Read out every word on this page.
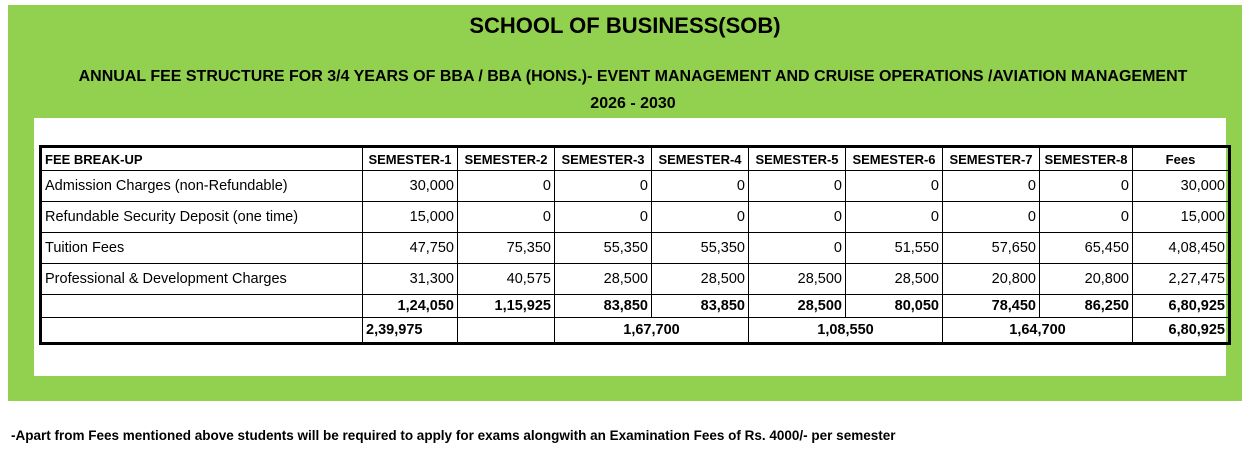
SCHOOL OF BUSINESS(SOB)
ANNUAL FEE STRUCTURE FOR 3/4 YEARS OF BBA / BBA (HONS.)- EVENT MANAGEMENT AND CRUISE OPERATIONS /AVIATION MANAGEMENT 2026 - 2030
FEE BREAK-UP	SEMESTER-1	SEMESTER-2	SEMESTER-3	SEMESTER-4	SEMESTER-5	SEMESTER-6	SEMESTER-7	SEMESTER-8	Fees
Admission Charges (non-Refundable)	30,000	0	0	0	0	0	0	0	30,000
Refundable Security Deposit (one time)	15,000	0	0	0	0	0	0	0	15,000
Tuition Fees	47,750	75,350	55,350	55,350	0	51,550	57,650	65,450	4,08,450
Professional & Development Charges	31,300	40,575	28,500	28,500	28,500	28,500	20,800	20,800	2,27,475
	1,24,050	1,15,925	83,850	83,850	28,500	80,050	78,450	86,250	6,80,925
	2,39,975		1,67,700		1,08,550		1,64,700		6,80,925
-Apart from Fees mentioned above students will be required to apply for exams alongwith an Examination Fees of Rs. 4000/- per semester
